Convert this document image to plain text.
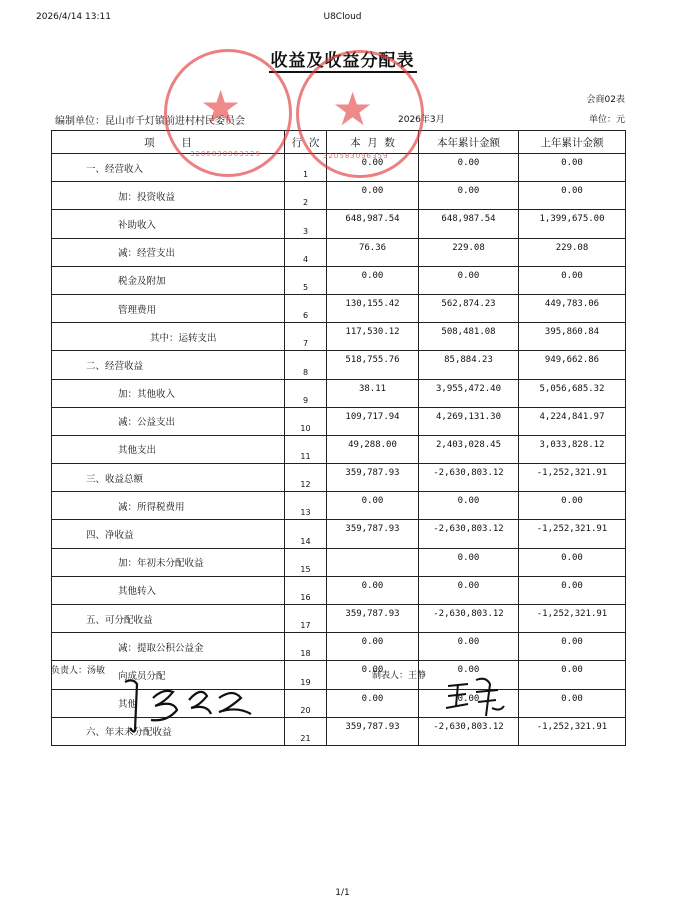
2026/4/14 13:11	U8Cloud
收益及收益分配表
会商02表
编制单位：昆山市千灯镇前进村村民委员会	2026年3月	单位：元
项        目	行  次	本  月  数	本年累计金额	上年累计金额
一、经营收入	1	0.00	0.00	0.00
加：投资收益	2	0.00	0.00	0.00
补助收入	3	648,987.54	648,987.54	1,399,675.00
减：经营支出	4	76.36	229.08	229.08
税金及附加	5	0.00	0.00	0.00
管理费用	6	130,155.42	562,874.23	449,783.06
其中：运转支出	7	117,530.12	508,481.08	395,860.84
二、经营收益	8	518,755.76	85,884.23	949,662.86
加：其他收入	9	38.11	3,955,472.40	5,056,685.32
减：公益支出	10	109,717.94	4,269,131.30	4,224,841.97
其他支出	11	49,288.00	2,403,028.45	3,033,828.12
三、收益总额	12	359,787.93	-2,630,803.12	-1,252,321.91
减：所得税费用	13	0.00	0.00	0.00
四、净收益	14	359,787.93	-2,630,803.12	-1,252,321.91
加：年初未分配收益	15		0.00	0.00
其他转入	16	0.00	0.00	0.00
五、可分配收益	17	359,787.93	-2,630,803.12	-1,252,321.91
减：提取公积公益金	18	0.00	0.00	0.00
向成员分配	19	0.00	0.00	0.00
其他	20	0.00	0.00	0.00
六、年末未分配收益	21	359,787.93	-2,630,803.12	-1,252,321.91
★
3205830963329
★
320583096359
负责人：汤敏	制表人：王静
1/1
